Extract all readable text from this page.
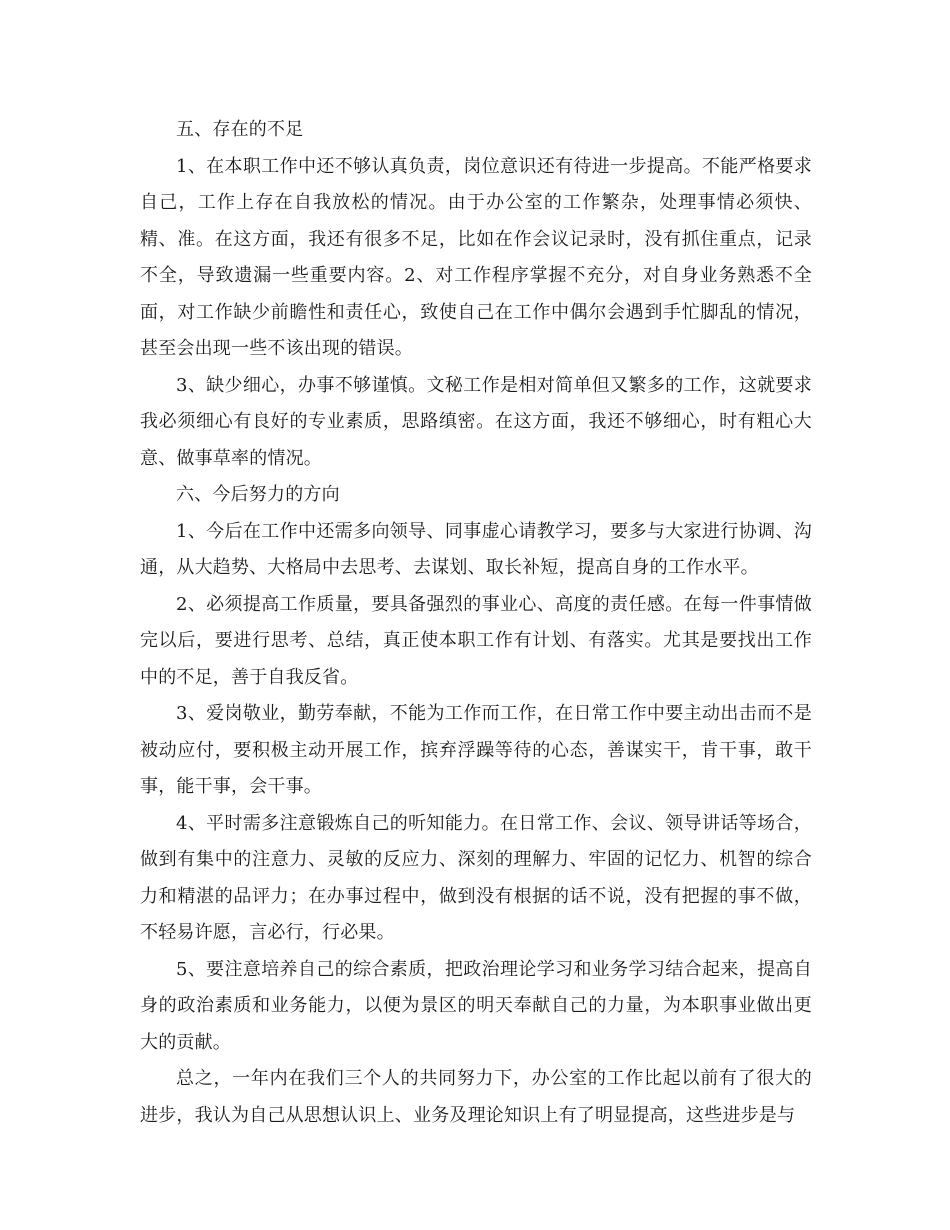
五、存在的不足

1、在本职工作中还不够认真负责，岗位意识还有待进一步提高。不能严格要求自己，工作上存在自我放松的情况。由于办公室的工作繁杂，处理事情必须快、精、准。在这方面，我还有很多不足，比如在作会议记录时，没有抓住重点，记录不全，导致遗漏一些重要内容。2、对工作程序掌握不充分，对自身业务熟悉不全面，对工作缺少前瞻性和责任心，致使自己在工作中偶尔会遇到手忙脚乱的情况，甚至会出现一些不该出现的错误。

3、缺少细心，办事不够谨慎。文秘工作是相对简单但又繁多的工作，这就要求我必须细心有良好的专业素质，思路缜密。在这方面，我还不够细心，时有粗心大意、做事草率的情况。

六、今后努力的方向

1、今后在工作中还需多向领导、同事虚心请教学习，要多与大家进行协调、沟通，从大趋势、大格局中去思考、去谋划、取长补短，提高自身的工作水平。

2、必须提高工作质量，要具备强烈的事业心、高度的责任感。在每一件事情做完以后，要进行思考、总结，真正使本职工作有计划、有落实。尤其是要找出工作中的不足，善于自我反省。

3、爱岗敬业，勤劳奉献，不能为工作而工作，在日常工作中要主动出击而不是被动应付，要积极主动开展工作，摈弃浮躁等待的心态，善谋实干，肯干事，敢干事，能干事，会干事。

4、平时需多注意锻炼自己的听知能力。在日常工作、会议、领导讲话等场合，做到有集中的注意力、灵敏的反应力、深刻的理解力、牢固的记忆力、机智的综合力和精湛的品评力；在办事过程中，做到没有根据的话不说，没有把握的事不做，不轻易许愿，言必行，行必果。

5、要注意培养自己的综合素质，把政治理论学习和业务学习结合起来，提高自身的政治素质和业务能力，以便为景区的明天奉献自己的力量，为本职事业做出更大的贡献。

总之，一年内在我们三个人的共同努力下，办公室的工作比起以前有了很大的进步，我认为自己从思想认识上、业务及理论知识上有了明显提高，这些进步是与
